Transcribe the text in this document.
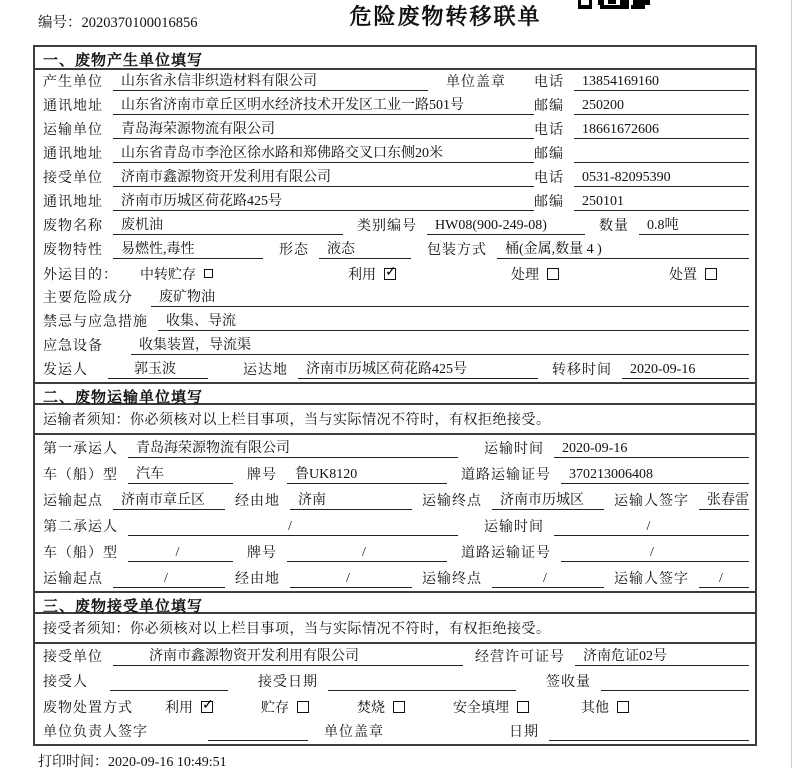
编号：2020370100016856	危险废物转移联单
一、废物产生单位填写
产生单位	山东省永信非织造材料有限公司	单位盖章 电话	13854169160
通讯地址	山东省济南市章丘区明水经济技术开发区工业一路501号	邮编	250200
运输单位	青岛海荣源物流有限公司	电话	18661672606
通讯地址	山东省青岛市李沧区徐水路和郑佛路交叉口东侧20米	邮编
接受单位	济南市鑫源物资开发利用有限公司	电话	0531-82095390
通讯地址	济南市历城区荷花路425号	邮编	250101
废物名称	废机油	类别编号	HW08(900-249-08)	数量	0.8吨
废物特性	易燃性,毒性	形态	液态	包装方式	桶(金属,数量 4 )
外运目的： 中转贮存	利用 ✓	处理	处置
主要危险成分	废矿物油
禁忌与应急措施	收集、导流
应急设备	收集装置，导流渠
发运人	郭玉波	运达地	济南市历城区荷花路425号	转移时间	2020-09-16
二、废物运输单位填写
运输者须知：你必须核对以上栏目事项，当与实际情况不符时，有权拒绝接受。
第一承运人	青岛海荣源物流有限公司	运输时间	2020-09-16
车（船）型	汽车	牌号	鲁UK8120	道路运输证号	370213006408
运输起点	济南市章丘区	经由地	济南	运输终点	济南市历城区	运输人签字	张春雷
第二承运人	/	运输时间	/
车（船）型	/	牌号	/	道路运输证号	/
运输起点	/	经由地	/	运输终点	/	运输人签字	/
三、废物接受单位填写
接受者须知：你必须核对以上栏目事项，当与实际情况不符时，有权拒绝接受。
接受单位	济南市鑫源物资开发利用有限公司	经营许可证号	济南危证02号
接受人	接受日期	签收量
废物处置方式 利用 ✓	贮存	焚烧	安全填埋	其他
单位负责人签字	单位盖章	日期
打印时间：2020-09-16 10:49:51
